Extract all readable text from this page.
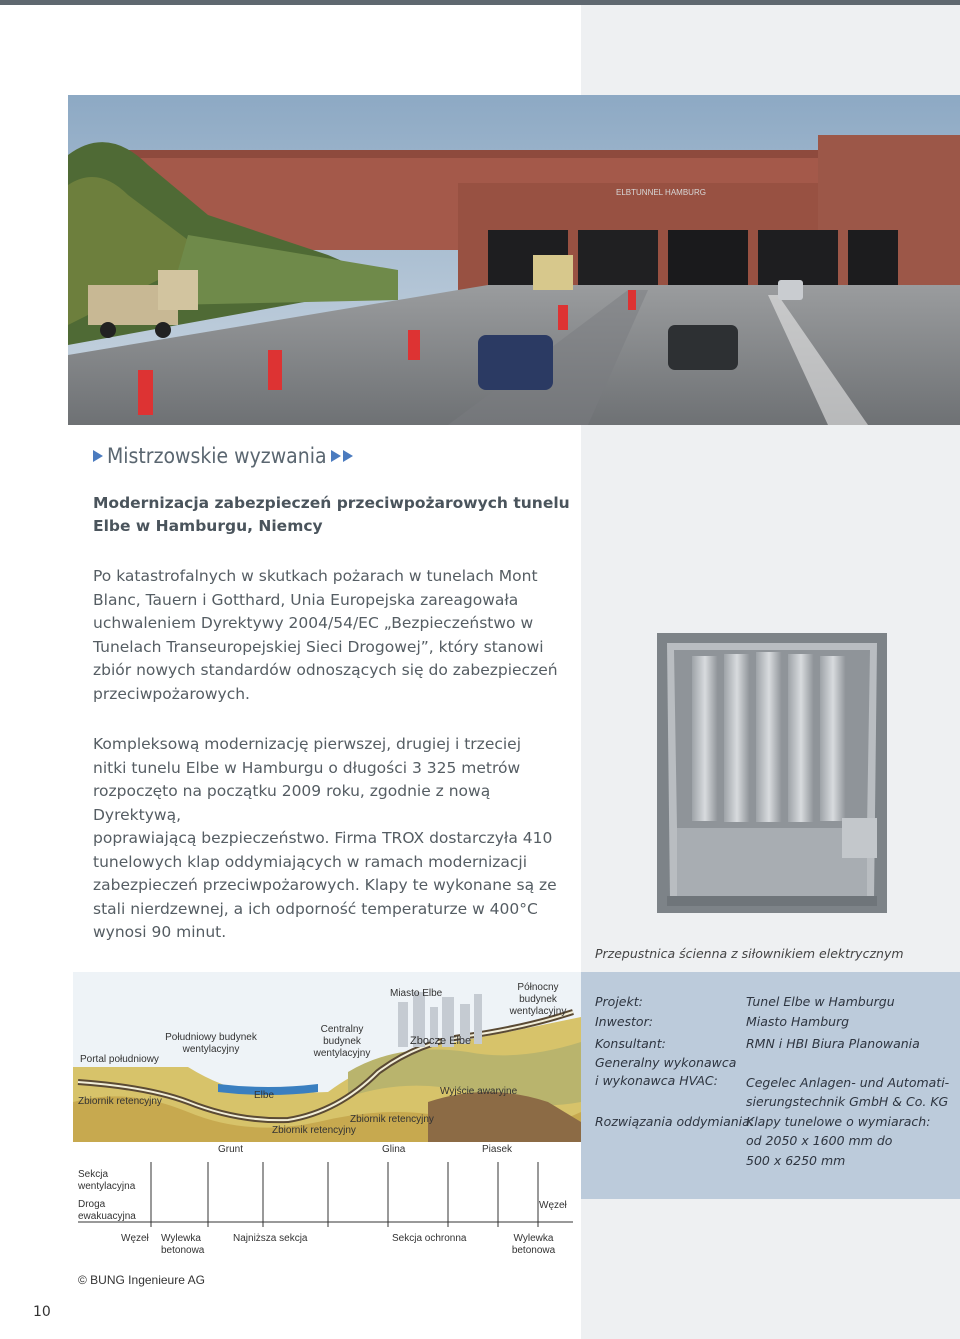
ELBTUNNEL HAMBURG
Mistrzowskie wyzwania
Modernizacja zabezpieczeń przeciwpożarowych tunelu
Elbe w Hamburgu, Niemcy
Po katastrofalnych w skutkach pożarach w tunelach Mont
Blanc, Tauern i Gotthard, Unia Europejska zareagowała
uchwaleniem Dyrektywy 2004/54/EC „Bezpieczeństwo w
Tunelach Transeuropejskiej Sieci Drogowej”, który stanowi
zbiór nowych standardów odnoszących się do zabezpieczeń
przeciwpożarowych.
Kompleksową modernizację pierwszej, drugiej i trzeciej
nitki tunelu Elbe w Hamburgu o długości 3 325 metrów
rozpoczęto na początku 2009 roku, zgodnie z nową Dyrektywą,
poprawiającą bezpieczeństwo. Firma TROX dostarczyła 410
tunelowych klap oddymiających w ramach modernizacji
zabezpieczeń przeciwpożarowych. Klapy te wykonane są ze
stali nierdzewnej, a ich odporność temperaturze w 400°C
wynosi 90 minut.
Przepustnica ścienna z siłownikiem elektrycznym
Projekt:	Tunel Elbe w Hamburgu
Inwestor:	Miasto Hamburg
Konsultant:	RMN i HBI Biura Planowania
Generalny wykonawca
i wykonawca HVAC: Cegelec Anlagen- und Automati-
sierungstechnik GmbH & Co. KG
Rozwiązania oddymiania:
Klapy tunelowe o wymiarach:
od 2050 x 1600 mm do
500 x 6250 mm
Miasto Elbe
Północny
budynek
wentylacyjny
Południowy budynek
wentylacyjny
Centralny
budynek
wentylacyjny
Portal południowy
Zbocze Elbe
Wyjście awaryjne
Elbe
Zbiornik retencyjny
Zbiornik retencyjny
Zbiornik retencyjny
Grunt	Glina	Piasek
Sekcja
wentylacyjna
Droga
ewakuacyjna
Węzeł
Węzeł Wylewka
betonowa
Najniższa sekcja	Sekcja ochronna	Wylewka
betonowa
© BUNG Ingenieure AG
10
